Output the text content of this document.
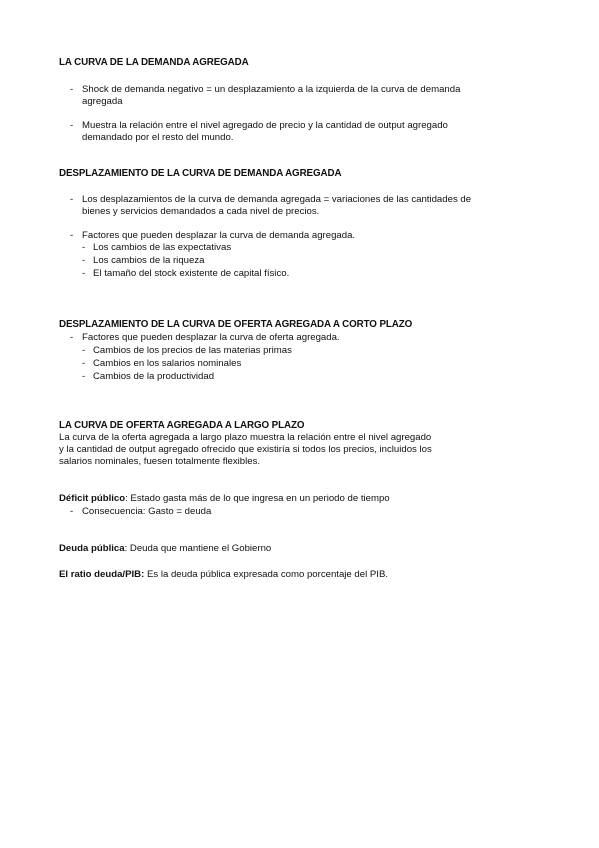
LA CURVA DE LA DEMANDA AGREGADA
- Shock de demanda negativo = un desplazamiento a la izquierda de la curva de demanda
agregada
- Muestra la relación entre el nivel agregado de precio y la cantidad de output agregado
demandado por el resto del mundo.
DESPLAZAMIENTO DE LA CURVA DE DEMANDA AGREGADA
- Los desplazamientos de la curva de demanda agregada = variaciones de las cantidades de
bienes y servicios demandados a cada nivel de precios.
- Factores que pueden desplazar la curva de demanda agregada.
- Los cambios de las expectativas
- Los cambios de la riqueza
- El tamaño del stock existente de capital físico.
DESPLAZAMIENTO DE LA CURVA DE OFERTA AGREGADA A CORTO PLAZO
- Factores que pueden desplazar la curva de oferta agregada.
- Cambios de los precios de las materias primas
- Cambios en los salarios nominales
- Cambios de la productividad
LA CURVA DE OFERTA AGREGADA A LARGO PLAZO
La curva de la oferta agregada a largo plazo muestra la relación entre el nivel agregado
y la cantidad de output agregado ofrecido que existiría si todos los precios, incluidos los
salarios nominales, fuesen totalmente flexibles.
Déficit público: Estado gasta más de lo que ingresa en un periodo de tiempo
- Consecuencia: Gasto = deuda
Deuda pública: Deuda que mantiene el Gobierno
El ratio deuda/PIB: Es la deuda pública expresada como porcentaje del PIB.
